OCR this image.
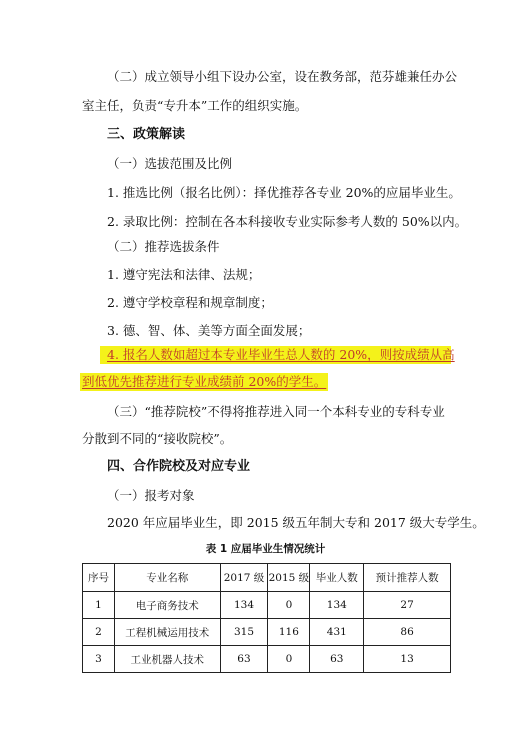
（二）成立领导小组下设办公室，设在教务部，范芬雄兼任办公
室主任，负责“专升本”工作的组织实施。
三、政策解读
（一）选拔范围及比例
1. 推选比例（报名比例）：择优推荐各专业 20%的应届毕业生。
2. 录取比例：控制在各本科接收专业实际参考人数的 50%以内。
（二）推荐选拔条件
1. 遵守宪法和法律、法规；
2. 遵守学校章程和规章制度；
3. 德、智、体、美等方面全面发展；
4. 报名人数如超过本专业毕业生总人数的 20%，则按成绩从高
到低优先推荐进行专业成绩前 20%的学生。
（三）“推荐院校”不得将推荐进入同一个本科专业的专科专业
分散到不同的“接收院校”。
四、合作院校及对应专业
（一）报考对象
2020 年应届毕业生，即 2015 级五年制大专和 2017 级大专学生。
表 1 应届毕业生情况统计
序号	专业名称	2017 级	2015 级	毕业人数	预计推荐人数
1	电子商务技术	134	0	134	27
2	工程机械运用技术	315	116	431	86
3	工业机器人技术	63	0	63	13
